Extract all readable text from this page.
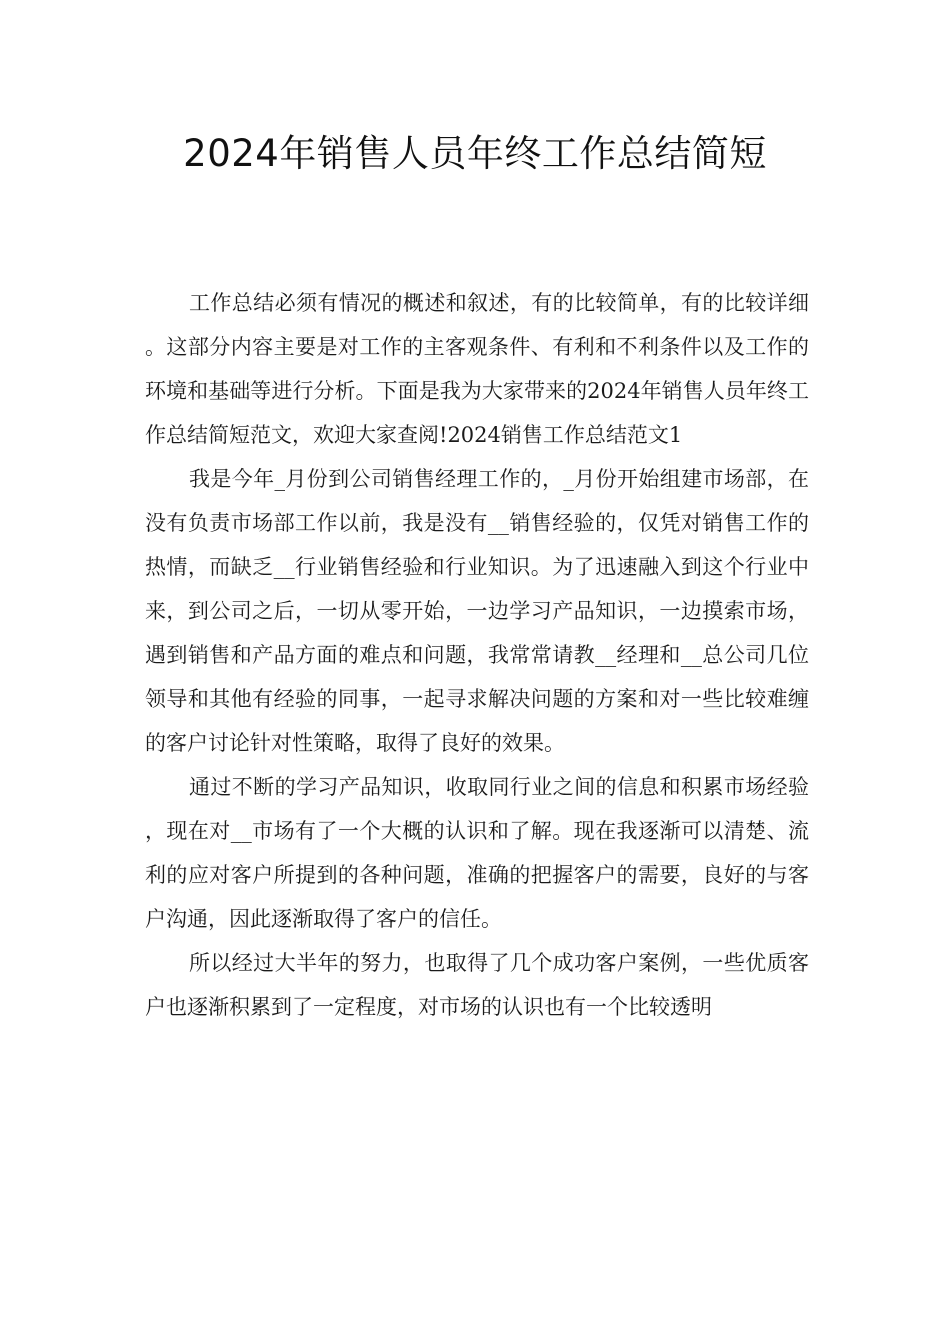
2024年销售人员年终工作总结简短

工作总结必须有情况的概述和叙述，有的比较简单，有的比较详细。这部分内容主要是对工作的主客观条件、有利和不利条件以及工作的环境和基础等进行分析。下面是我为大家带来的2024年销售人员年终工作总结简短范文，欢迎大家查阅!2024销售工作总结范文1

我是今年_月份到公司销售经理工作的，_月份开始组建市场部，在没有负责市场部工作以前，我是没有__销售经验的，仅凭对销售工作的热情，而缺乏__行业销售经验和行业知识。为了迅速融入到这个行业中来，到公司之后，一切从零开始，一边学习产品知识，一边摸索市场，遇到销售和产品方面的难点和问题，我常常请教__经理和__总公司几位领导和其他有经验的同事，一起寻求解决问题的方案和对一些比较难缠的客户讨论针对性策略，取得了良好的效果。

通过不断的学习产品知识，收取同行业之间的信息和积累市场经验，现在对__市场有了一个大概的认识和了解。现在我逐渐可以清楚、流利的应对客户所提到的各种问题，准确的把握客户的需要，良好的与客户沟通，因此逐渐取得了客户的信任。

所以经过大半年的努力，也取得了几个成功客户案例，一些优质客户也逐渐积累到了一定程度，对市场的认识也有一个比较透明
